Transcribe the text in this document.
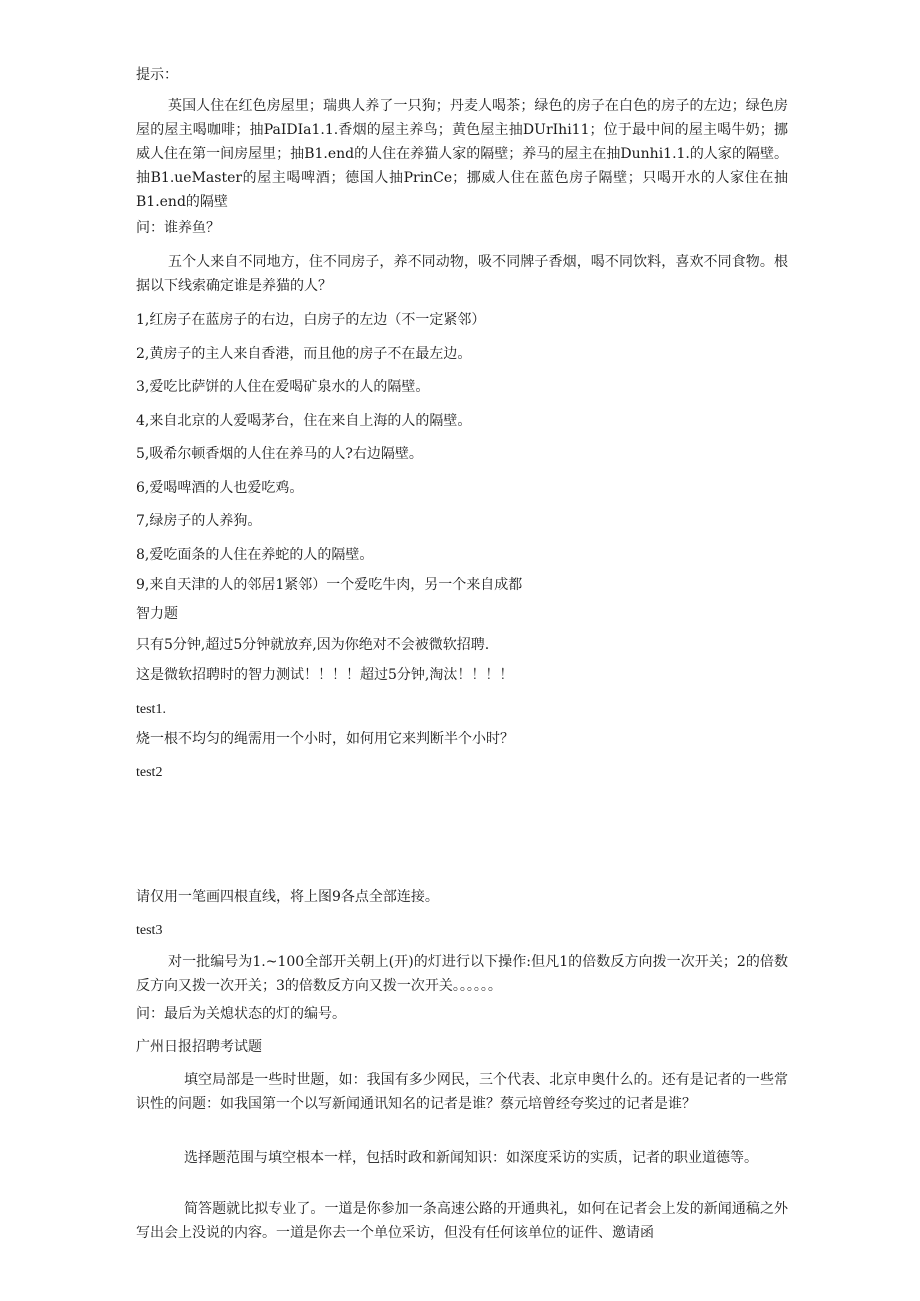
提示：

英国人住在红色房屋里；瑞典人养了一只狗；丹麦人喝茶；绿色的房子在白色的房子的左边；绿色房屋的屋主喝咖啡；抽PaIDIa1.1.香烟的屋主养鸟；黄色屋主抽DUrIhi11；位于最中间的屋主喝牛奶；挪威人住在第一间房屋里；抽B1.end的人住在养猫人家的隔壁；养马的屋主在抽Dunhi1.1.的人家的隔壁。抽B1.ueMaster的屋主喝啤酒；德国人抽PrinCe；挪威人住在蓝色房子隔壁；只喝开水的人家住在抽B1.end的隔壁

问：谁养鱼？

五个人来自不同地方，住不同房子，养不同动物，吸不同牌子香烟，喝不同饮料，喜欢不同食物。根据以下线索确定谁是养猫的人？

1,红房子在蓝房子的右边，白房子的左边（不一定紧邻）
2,黄房子的主人来自香港，而且他的房子不在最左边。
3,爱吃比萨饼的人住在爱喝矿泉水的人的隔壁。
4,来自北京的人爱喝茅台，住在来自上海的人的隔壁。
5,吸希尔顿香烟的人住在养马的人?右边隔壁。
6,爱喝啤酒的人也爱吃鸡。
7,绿房子的人养狗。
8,爱吃面条的人住在养蛇的人的隔壁。
9,来自天津的人的邻居1紧邻）一个爱吃牛肉，另一个来自成都
智力题
只有5分钟,超过5分钟就放弃,因为你绝对不会被微软招聘.
这是微软招聘时的智力测试！！！！超过5分钟,淘汰！！！！
test1.
烧一根不均匀的绳需用一个小时，如何用它来判断半个小时？
test2
请仅用一笔画四根直线，将上图9各点全部连接。
test3

对一批编号为1.~100全部开关朝上(开)的灯进行以下操作:但凡1的倍数反方向拨一次开关；2的倍数反方向又拨一次开关；3的倍数反方向又拨一次开关。。。。。。

问：最后为关熄状态的灯的编号。
广州日报招聘考试题

填空局部是一些时世题，如：我国有多少网民，三个代表、北京申奥什么的。还有是记者的一些常识性的问题：如我国第一个以写新闻通讯知名的记者是谁？蔡元培曾经夸奖过的记者是谁？

选择题范围与填空根本一样，包括时政和新闻知识：如深度采访的实质，记者的职业道德等。

简答题就比拟专业了。一道是你参加一条高速公路的开通典礼，如何在记者会上发的新闻通稿之外写出会上没说的内容。一道是你去一个单位采访，但没有任何该单位的证件、邀请函
